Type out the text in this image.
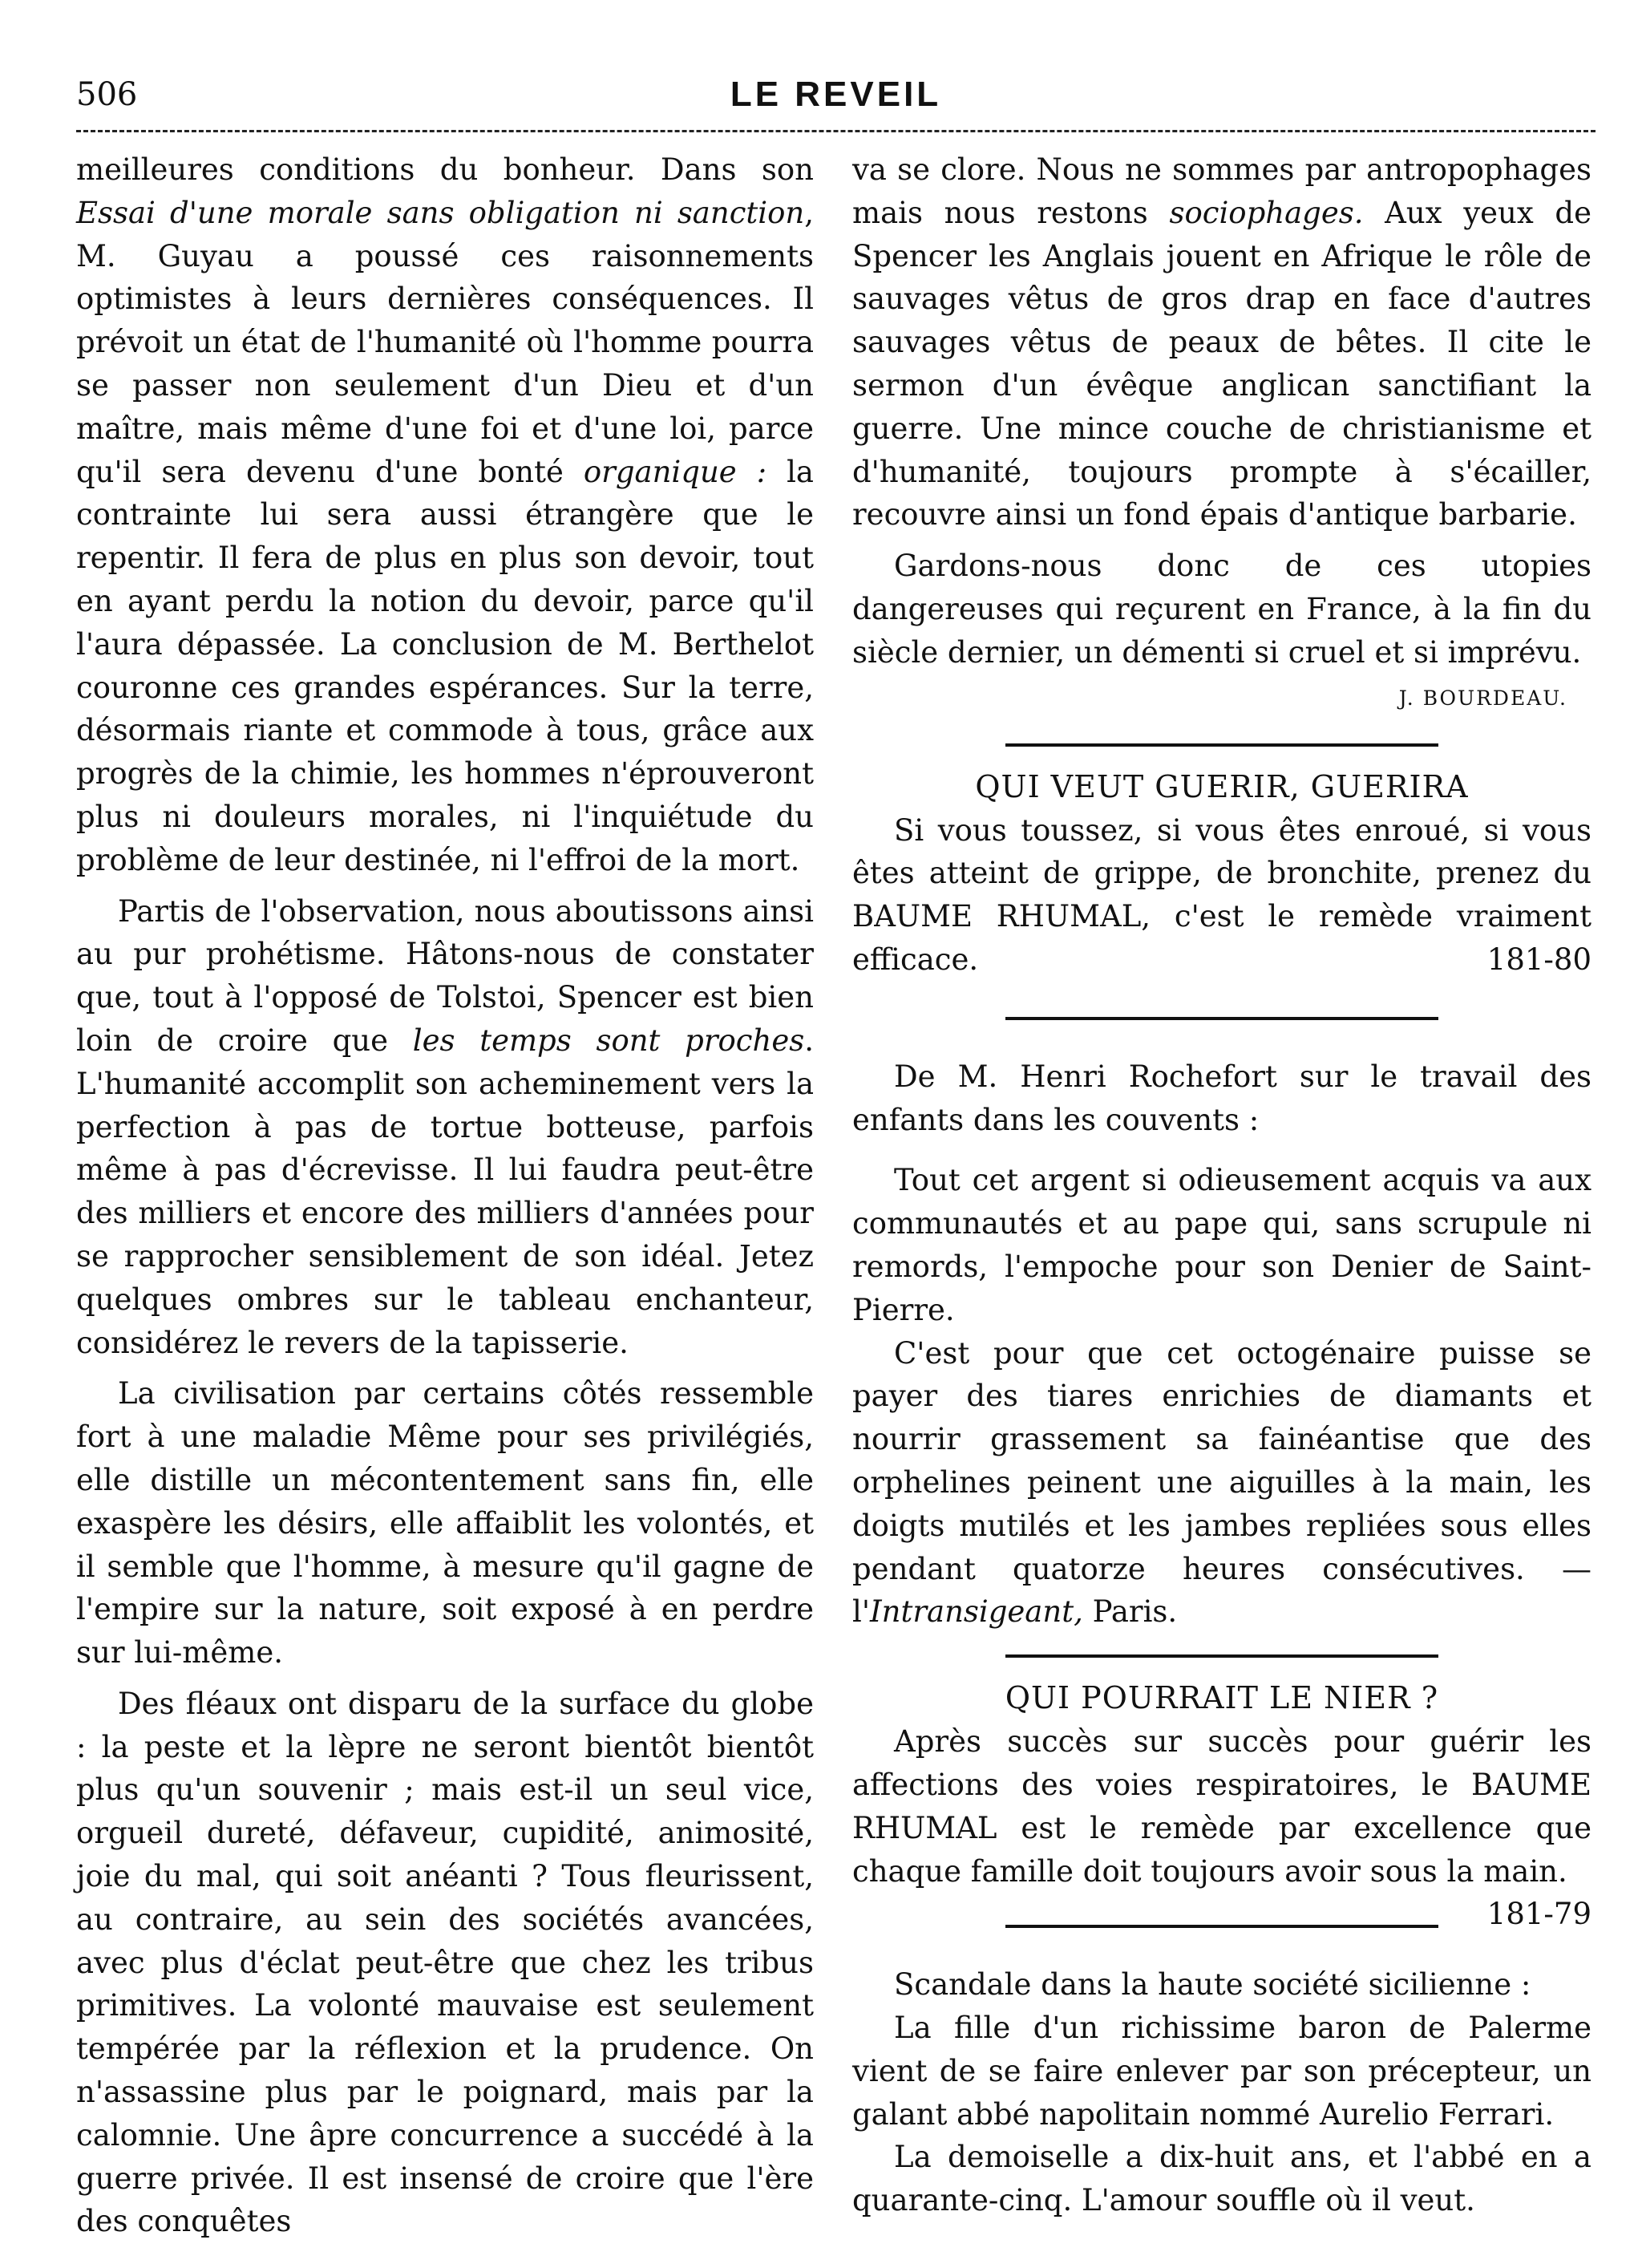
506	LE REVEIL

meilleures conditions du bonheur. Dans son Essai d'une morale sans obligation ni sanction, M. Guyau a poussé ces raisonnements optimistes à leurs dernières conséquences. Il prévoit un état de l'humanité où l'homme pourra se passer non seulement d'un Dieu et d'un maître, mais même d'une foi et d'une loi, parce qu'il sera devenu d'une bonté organique : la contrainte lui sera aussi étrangère que le repentir. Il fera de plus en plus son devoir, tout en ayant perdu la notion du devoir, parce qu'il l'aura dépassée. La conclusion de M. Berthelot couronne ces grandes espérances. Sur la terre, désormais riante et commode à tous, grâce aux progrès de la chimie, les hommes n'éprouveront plus ni douleurs morales, ni l'inquiétude du problème de leur destinée, ni l'effroi de la mort.

Partis de l'observation, nous aboutissons ainsi au pur prohétisme. Hâtons-nous de constater que, tout à l'opposé de Tolstoi, Spencer est bien loin de croire que les temps sont proches. L'humanité accomplit son acheminement vers la perfection à pas de tortue botteuse, parfois même à pas d'écrevisse. Il lui faudra peut-être des milliers et encore des milliers d'années pour se rapprocher sensiblement de son idéal. Jetez quelques ombres sur le tableau enchanteur, considérez le revers de la tapisserie.

La civilisation par certains côtés ressemble fort à une maladie Même pour ses privilégiés, elle distille un mécontentement sans fin, elle exaspère les désirs, elle affaiblit les volontés, et il semble que l'homme, à mesure qu'il gagne de l'empire sur la nature, soit exposé à en perdre sur lui-même.

Des fléaux ont disparu de la surface du globe : la peste et la lèpre ne seront bientôt bientôt plus qu'un souvenir ; mais est-il un seul vice, orgueil dureté, défaveur, cupidité, animosité, joie du mal, qui soit anéanti ? Tous fleurissent, au contraire, au sein des sociétés avancées, avec plus d'éclat peut-être que chez les tribus primitives. La volonté mauvaise est seulement tempérée par la réflexion et la prudence. On n'assassine plus par le poignard, mais par la calomnie. Une âpre concurrence a succédé à la guerre privée. Il est insensé de croire que l'ère des conquêtes

va se clore. Nous ne sommes par antropophages mais nous restons sociophages. Aux yeux de Spencer les Anglais jouent en Afrique le rôle de sauvages vêtus de gros drap en face d'autres sauvages vêtus de peaux de bêtes. Il cite le sermon d'un évêque anglican sanctifiant la guerre. Une mince couche de christianisme et d'humanité, toujours prompte à s'écailler, recouvre ainsi un fond épais d'antique barbarie.

Gardons-nous donc de ces utopies dangereuses qui reçurent en France, à la fin du siècle dernier, un démenti si cruel et si imprévu.

J. BOURDEAU.

QUI VEUT GUERIR, GUERIRA

Si vous toussez, si vous êtes enroué, si vous êtes atteint de grippe, de bronchite, prenez du BAUME RHUMAL, c'est le remède vraiment efficace.	181-80

De M. Henri Rochefort sur le travail des enfants dans les couvents :

Tout cet argent si odieusement acquis va aux communautés et au pape qui, sans scrupule ni remords, l'empoche pour son Denier de Saint-Pierre.

C'est pour que cet octogénaire puisse se payer des tiares enrichies de diamants et nourrir grassement sa fainéantise que des orphelines peinent une aiguilles à la main, les doigts mutilés et les jambes repliées sous elles pendant quatorze heures consécutives. — l'Intransigeant, Paris.

QUI POURRAIT LE NIER ?

Après succès sur succès pour guérir les affections des voies respiratoires, le BAUME RHUMAL est le remède par excellence que chaque famille doit toujours avoir sous la main.
181-79

Scandale dans la haute société sicilienne :

La fille d'un richissime baron de Palerme vient de se faire enlever par son précepteur, un galant abbé napolitain nommé Aurelio Ferrari.

La demoiselle a dix-huit ans, et l'abbé en a quarante-cinq. L'amour souffle où il veut.
